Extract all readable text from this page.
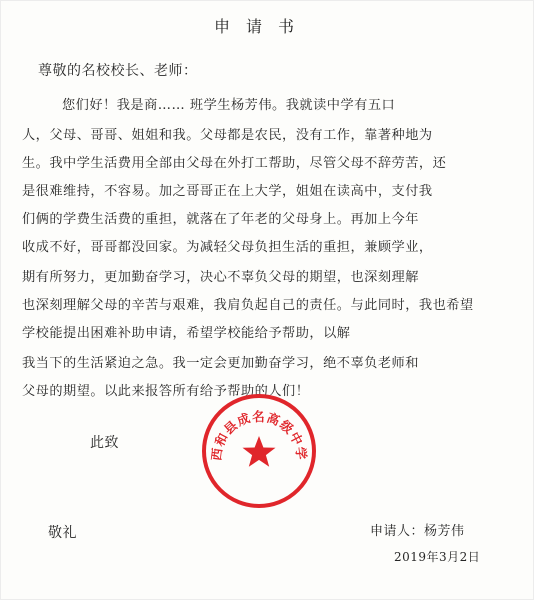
申请书
尊敬的名校校长、老师：
您们好！我是商…… 班学生杨芳伟。我就读中学有五口
人，父母、哥哥、姐姐和我。父母都是农民，没有工作，靠著种地为
生。我中学生活费用全部由父母在外打工帮助，尽管父母不辞劳苦，还
是很难维持，不容易。加之哥哥正在上大学，姐姐在读高中，支付我
们俩的学费生活费的重担，就落在了年老的父母身上。再加上今年
收成不好，哥哥都没回家。为减轻父母负担生活的重担，兼顾学业，
期有所努力，更加勤奋学习，决心不辜负父母的期望，也深刻理解
也深刻理解父母的辛苦与艰难，我肩负起自己的责任。与此同时，我也希望
学校能提出困难补助申请，希望学校能给予帮助，以解
我当下的生活紧迫之急。我一定会更加勤奋学习，绝不辜负老师和
父母的期望。以此来报答所有给予帮助的人们！
此致
敬礼	申请人：杨芳伟
2019年3月2日
西和县成名高级中学
